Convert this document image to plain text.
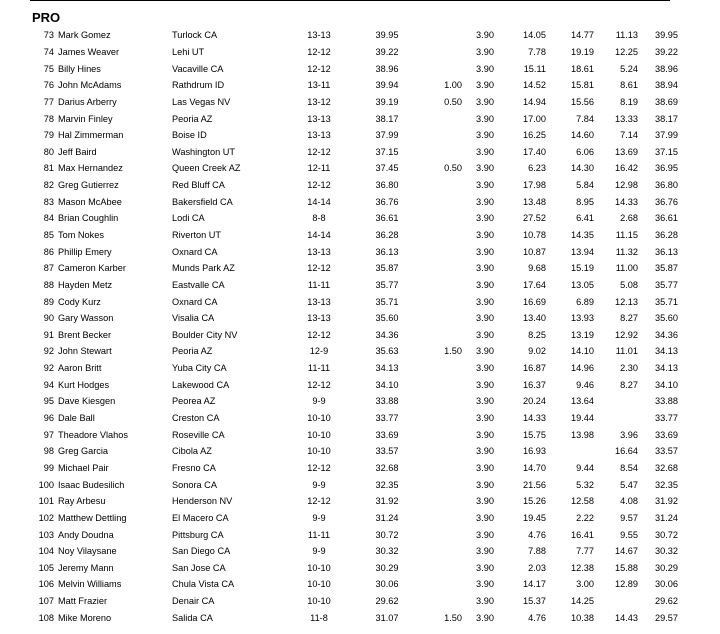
PRO
73	Mark Gomez	Turlock CA	13-13	39.95		3.90	14.05	14.77	11.13	39.95
74	James Weaver	Lehi UT	12-12	39.22		3.90	7.78	19.19	12.25	39.22
75	Billy Hines	Vacaville CA	12-12	38.96		3.90	15.11	18.61	5.24	38.96
76	John McAdams	Rathdrum ID	13-11	39.94	1.00	3.90	14.52	15.81	8.61	38.94
77	Darius Arberry	Las Vegas NV	13-12	39.19	0.50	3.90	14.94	15.56	8.19	38.69
78	Marvin Finley	Peoria AZ	13-13	38.17		3.90	17.00	7.84	13.33	38.17
79	Hal Zimmerman	Boise ID	13-13	37.99		3.90	16.25	14.60	7.14	37.99
80	Jeff Baird	Washington UT	12-12	37.15		3.90	17.40	6.06	13.69	37.15
81	Max Hernandez	Queen Creek AZ	12-11	37.45	0.50	3.90	6.23	14.30	16.42	36.95
82	Greg Gutierrez	Red Bluff CA	12-12	36.80		3.90	17.98	5.84	12.98	36.80
83	Mason McAbee	Bakersfield CA	14-14	36.76		3.90	13.48	8.95	14.33	36.76
84	Brian Coughlin	Lodi CA	8-8	36.61		3.90	27.52	6.41	2.68	36.61
85	Tom Nokes	Riverton UT	14-14	36.28		3.90	10.78	14.35	11.15	36.28
86	Phillip Emery	Oxnard CA	13-13	36.13		3.90	10.87	13.94	11.32	36.13
87	Cameron Karber	Munds Park AZ	12-12	35.87		3.90	9.68	15.19	11.00	35.87
88	Hayden Metz	Eastvalle CA	11-11	35.77		3.90	17.64	13.05	5.08	35.77
89	Cody Kurz	Oxnard CA	13-13	35.71		3.90	16.69	6.89	12.13	35.71
90	Gary Wasson	Visalia CA	13-13	35.60		3.90	13.40	13.93	8.27	35.60
91	Brent Becker	Boulder City NV	12-12	34.36		3.90	8.25	13.19	12.92	34.36
92	John Stewart	Peoria AZ	12-9	35.63	1.50	3.90	9.02	14.10	11.01	34.13
92	Aaron Britt	Yuba City CA	11-11	34.13		3.90	16.87	14.96	2.30	34.13
94	Kurt Hodges	Lakewood CA	12-12	34.10		3.90	16.37	9.46	8.27	34.10
95	Dave Kiesgen	Peorea AZ	9-9	33.88		3.90	20.24	13.64		33.88
96	Dale Ball	Creston CA	10-10	33.77		3.90	14.33	19.44		33.77
97	Theadore Vlahos	Roseville CA	10-10	33.69		3.90	15.75	13.98	3.96	33.69
98	Greg Garcia	Cibola AZ	10-10	33.57		3.90	16.93		16.64	33.57
99	Michael Pair	Fresno CA	12-12	32.68		3.90	14.70	9.44	8.54	32.68
100	Isaac Budesilich	Sonora CA	9-9	32.35		3.90	21.56	5.32	5.47	32.35
101	Ray Arbesu	Henderson NV	12-12	31.92		3.90	15.26	12.58	4.08	31.92
102	Matthew Dettling	El Macero CA	9-9	31.24		3.90	19.45	2.22	9.57	31.24
103	Andy Doudna	Pittsburg CA	11-11	30.72		3.90	4.76	16.41	9.55	30.72
104	Noy Vilaysane	San Diego CA	9-9	30.32		3.90	7.88	7.77	14.67	30.32
105	Jeremy Mann	San Jose CA	10-10	30.29		3.90	2.03	12.38	15.88	30.29
106	Melvin Williams	Chula Vista CA	10-10	30.06		3.90	14.17	3.00	12.89	30.06
107	Matt Frazier	Denair CA	10-10	29.62		3.90	15.37	14.25		29.62
108	Mike Moreno	Salida CA	11-8	31.07	1.50	3.90	4.76	10.38	14.43	29.57
